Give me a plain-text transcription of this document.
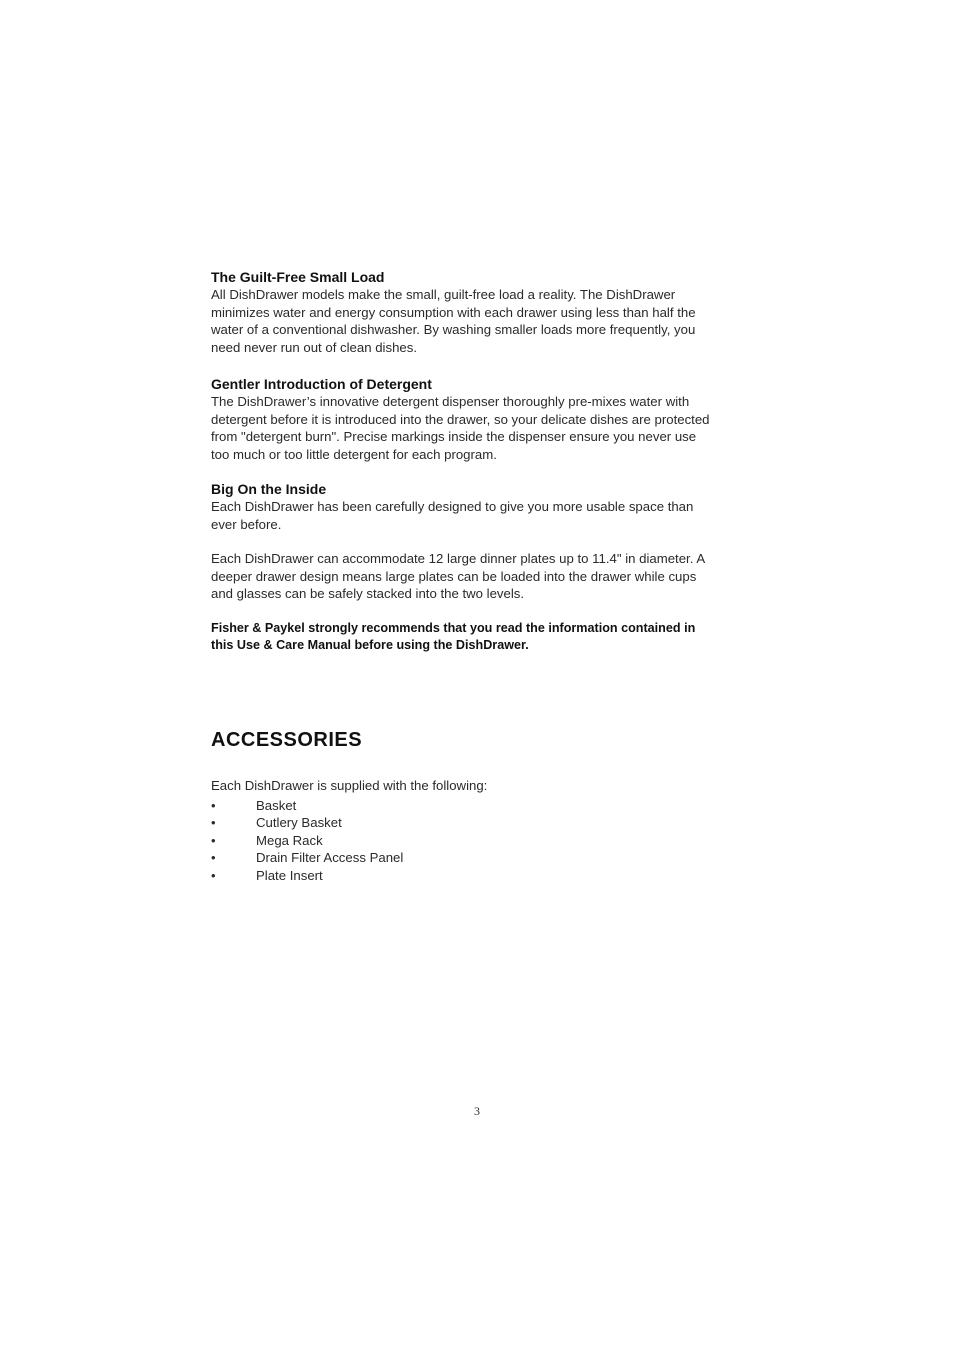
The Guilt-Free Small Load

All DishDrawer models make the small, guilt-free load a reality. The DishDrawer

minimizes water and energy consumption with each drawer using less than half the

water of a conventional dishwasher. By washing smaller loads more frequently, you

need never run out of clean dishes.

Gentler Introduction of Detergent

The DishDrawer’s innovative detergent dispenser thoroughly pre-mixes water with

detergent before it is introduced into the drawer, so your delicate dishes are protected

from "detergent burn". Precise markings inside the dispenser ensure you never use

too much or too little detergent for each program.

Big On the Inside

Each DishDrawer has been carefully designed to give you more usable space than

ever before.

Each DishDrawer can accommodate 12 large dinner plates up to 11.4" in diameter. A

deeper drawer design means large plates can be loaded into the drawer while cups

and glasses can be safely stacked into the two levels.

Fisher & Paykel strongly recommends that you read the information contained in

this Use & Care Manual before using the DishDrawer.

ACCESSORIES

Each DishDrawer is supplied with the following:

•	Basket
•	Cutlery Basket
•	Mega Rack
•	Drain Filter Access Panel
•	Plate Insert
3
